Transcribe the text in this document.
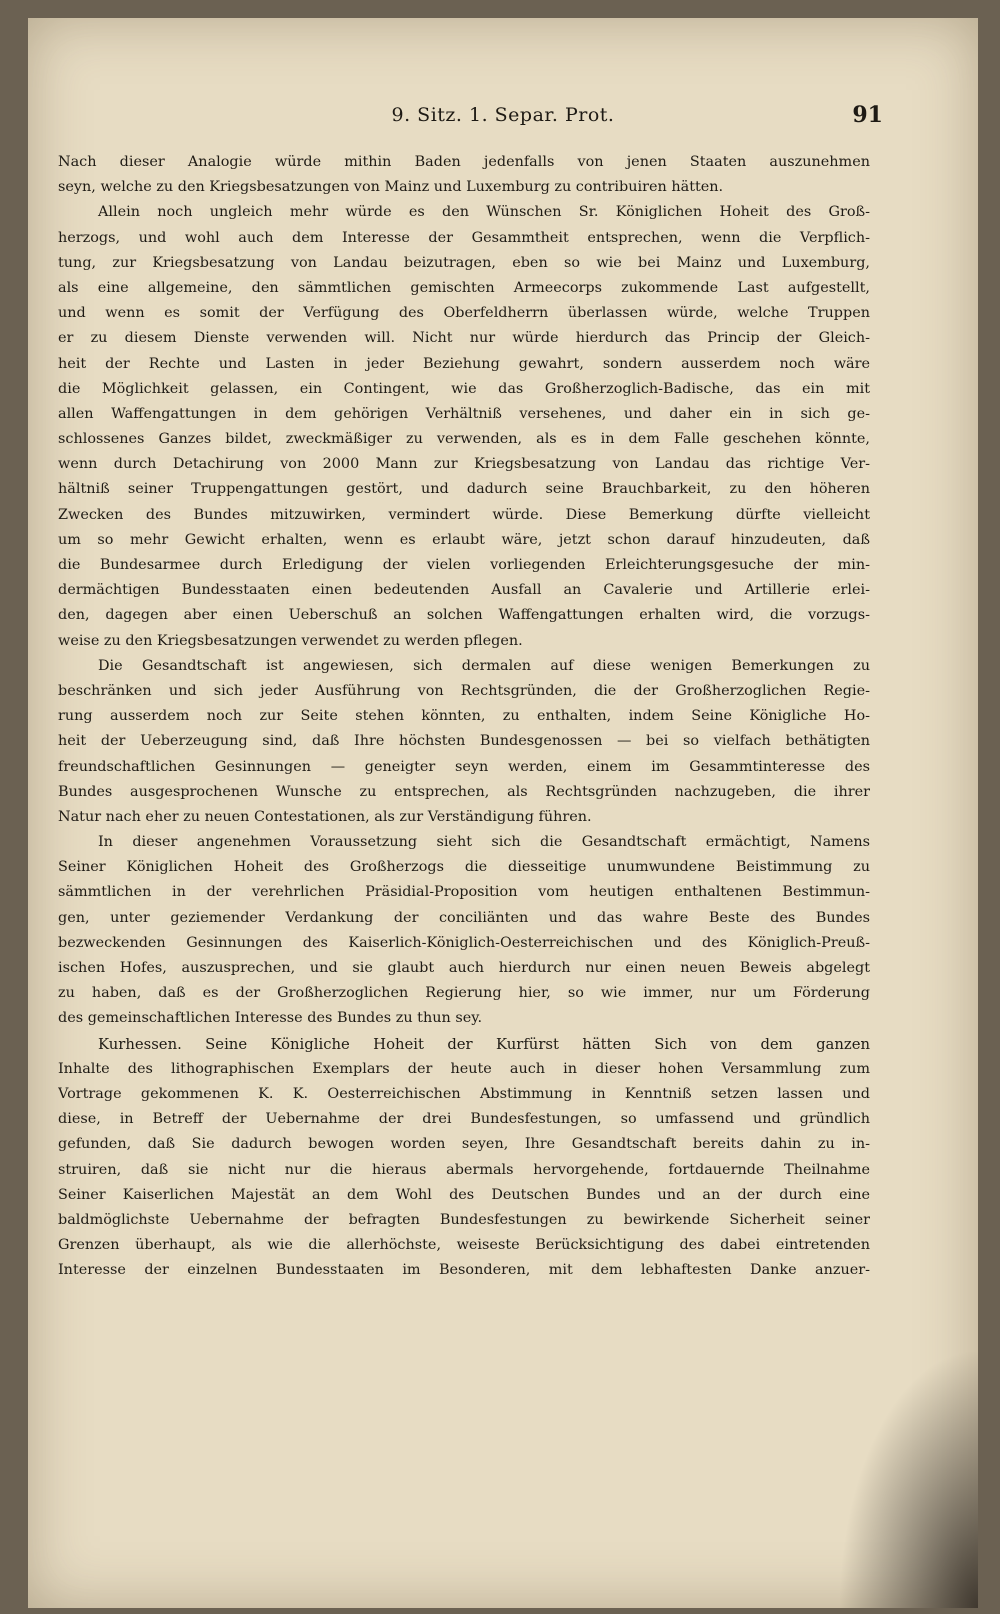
9. Sitz. 1. Separ. Prot.	91
Nach dieser Analogie würde mithin Baden jedenfalls von jenen Staaten auszunehmen
seyn, welche zu den Kriegsbesatzungen von Mainz und Luxemburg zu contribuiren hätten.
Allein noch ungleich mehr würde es den Wünschen Sr. Königlichen Hoheit des Groß-
herzogs, und wohl auch dem Interesse der Gesammtheit entsprechen, wenn die Verpflich-
tung, zur Kriegsbesatzung von Landau beizutragen, eben so wie bei Mainz und Luxemburg,
als eine allgemeine, den sämmtlichen gemischten Armeecorps zukommende Last aufgestellt,
und wenn es somit der Verfügung des Oberfeldherrn überlassen würde, welche Truppen
er zu diesem Dienste verwenden will. Nicht nur würde hierdurch das Princip der Gleich-
heit der Rechte und Lasten in jeder Beziehung gewahrt, sondern ausserdem noch wäre
die Möglichkeit gelassen, ein Contingent, wie das Großherzoglich-Badische, das ein mit
allen Waffengattungen in dem gehörigen Verhältniß versehenes, und daher ein in sich ge-
schlossenes Ganzes bildet, zweckmäßiger zu verwenden, als es in dem Falle geschehen könnte,
wenn durch Detachirung von 2000 Mann zur Kriegsbesatzung von Landau das richtige Ver-
hältniß seiner Truppengattungen gestört, und dadurch seine Brauchbarkeit, zu den höheren
Zwecken des Bundes mitzuwirken, vermindert würde. Diese Bemerkung dürfte vielleicht
um so mehr Gewicht erhalten, wenn es erlaubt wäre, jetzt schon darauf hinzudeuten, daß
die Bundesarmee durch Erledigung der vielen vorliegenden Erleichterungsgesuche der min-
dermächtigen Bundesstaaten einen bedeutenden Ausfall an Cavalerie und Artillerie erlei-
den, dagegen aber einen Ueberschuß an solchen Waffengattungen erhalten wird, die vorzugs-
weise zu den Kriegsbesatzungen verwendet zu werden pflegen.
Die Gesandtschaft ist angewiesen, sich dermalen auf diese wenigen Bemerkungen zu
beschränken und sich jeder Ausführung von Rechtsgründen, die der Großherzoglichen Regie-
rung ausserdem noch zur Seite stehen könnten, zu enthalten, indem Seine Königliche Ho-
heit der Ueberzeugung sind, daß Ihre höchsten Bundesgenossen — bei so vielfach bethätigten
freundschaftlichen Gesinnungen — geneigter seyn werden, einem im Gesammtinteresse des
Bundes ausgesprochenen Wunsche zu entsprechen, als Rechtsgründen nachzugeben, die ihrer
Natur nach eher zu neuen Contestationen, als zur Verständigung führen.
In dieser angenehmen Voraussetzung sieht sich die Gesandtschaft ermächtigt, Namens
Seiner Königlichen Hoheit des Großherzogs die diesseitige unumwundene Beistimmung zu
sämmtlichen in der verehrlichen Präsidial-Proposition vom heutigen enthaltenen Bestimmun-
gen, unter geziemender Verdankung der conciliänten und das wahre Beste des Bundes
bezweckenden Gesinnungen des Kaiserlich-Königlich-Oesterreichischen und des Königlich-Preuß-
ischen Hofes, auszusprechen, und sie glaubt auch hierdurch nur einen neuen Beweis abgelegt
zu haben, daß es der Großherzoglichen Regierung hier, so wie immer, nur um Förderung
des gemeinschaftlichen Interesse des Bundes zu thun sey.
Kurhessen. Seine Königliche Hoheit der Kurfürst hätten Sich von dem ganzen
Inhalte des lithographischen Exemplars der heute auch in dieser hohen Versammlung zum
Vortrage gekommenen K. K. Oesterreichischen Abstimmung in Kenntniß setzen lassen und
diese, in Betreff der Uebernahme der drei Bundesfestungen, so umfassend und gründlich
gefunden, daß Sie dadurch bewogen worden seyen, Ihre Gesandtschaft bereits dahin zu in-
struiren, daß sie nicht nur die hieraus abermals hervorgehende, fortdauernde Theilnahme
Seiner Kaiserlichen Majestät an dem Wohl des Deutschen Bundes und an der durch eine
baldmöglichste Uebernahme der befragten Bundesfestungen zu bewirkende Sicherheit seiner
Grenzen überhaupt, als wie die allerhöchste, weiseste Berücksichtigung des dabei eintretenden
Interesse der einzelnen Bundesstaaten im Besonderen, mit dem lebhaftesten Danke anzuer-
